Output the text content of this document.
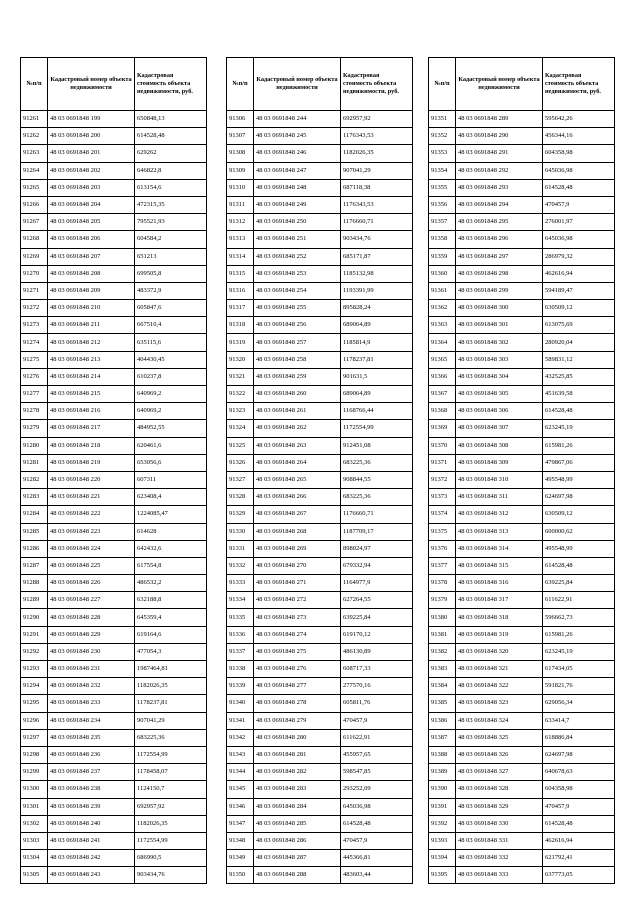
№п/п	Кадастровый номер объекта недвижимости	Кадастровая стоимость объекта недвижимости, руб.
91261	48 03 0691848 199	650848,13
91262	48 03 0691848 200	614528,48
91263	48 03 0691848 201	629262
91264	48 03 0691848 202	646822,8
91265	48 03 0691848 203	613154,6
91266	48 03 0691848 204	472315,35
91267	48 03 0691848 205	795521,93
91268	48 03 0691848 206	604584,2
91269	48 03 0691848 207	651213
91270	48 03 0691848 208	699505,8
91271	48 03 0691848 209	483372,9
91272	48 03 0691848 210	605847,6
91273	48 03 0691848 211	667510,4
91274	48 03 0691848 212	635115,6
91275	48 03 0691848 213	404430,45
91276	48 03 0691848 214	610237,8
91277	48 03 0691848 215	640969,2
91278	48 03 0691848 216	640969,2
91279	48 03 0691848 217	484952,55
91280	48 03 0691848 218	620461,6
91281	48 03 0691848 219	653056,6
91282	48 03 0691848 220	607311
91283	48 03 0691848 221	623408,4
91284	48 03 0691848 222	1224085,47
91285	48 03 0691848 223	614628
91286	48 03 0691848 224	642432,6
91287	48 03 0691848 225	617554,8
91288	48 03 0691848 226	486532,2
91289	48 03 0691848 227	632188,8
91290	48 03 0691848 228	645359,4
91291	48 03 0691848 229	619164,6
91292	48 03 0691848 230	477054,3
91293	48 03 0691848 231	1987464,81
91294	48 03 0691848 232	1182026,35
91295	48 03 0691848 233	1178237,81
91296	48 03 0691848 234	907041,29
91297	48 03 0691848 235	683225,36
91298	48 03 0691848 236	1172554,99
91299	48 03 0691848 237	1178458,07
91300	48 03 0691848 238	1124150,7
91301	48 03 0691848 239	692957,92
91302	48 03 0691848 240	1182026,35
91303	48 03 0691848 241	1172554,99
91304	48 03 0691848 242	686990,5
91305	48 03 0691848 243	903434,76
№п/п	Кадастровый номер объекта недвижимости	Кадастровая стоимость объекта недвижимости, руб.
91306	48 03 0691848 244	692957,92
91307	48 03 0691848 245	1176343,53
91308	48 03 0691848 246	1182026,35
91309	48 03 0691848 247	907041,29
91310	48 03 0691848 248	687118,38
91311	48 03 0691848 249	1176343,53
91312	48 03 0691848 250	1176660,71
91313	48 03 0691848 251	903434,76
91314	48 03 0691848 252	685171,87
91315	48 03 0691848 253	1185132,98
91316	48 03 0691848 254	1193391,99
91317	48 03 0691848 255	895828,24
91318	48 03 0691848 256	689064,89
91319	48 03 0691848 257	1185814,9
91320	48 03 0691848 258	1178237,81
91321	48 03 0691848 259	901631,5
91322	48 03 0691848 260	689064,89
91323	48 03 0691848 261	1168766,44
91324	48 03 0691848 262	1172554,99
91325	48 03 0691848 263	912451,08
91326	48 03 0691848 264	683225,36
91327	48 03 0691848 265	908844,55
91328	48 03 0691848 266	683225,36
91329	48 03 0691848 267	1176660,71
91330	48 03 0691848 268	1187709,17
91331	48 03 0691848 269	898024,97
91332	48 03 0691848 270	679332,94
91333	48 03 0691848 271	1164977,9
91334	48 03 0691848 272	627264,55
91335	48 03 0691848 273	639225,84
91336	48 03 0691848 274	619170,12
91337	48 03 0691848 275	486130,89
91338	48 03 0691848 276	608717,33
91339	48 03 0691848 277	277570,16
91340	48 03 0691848 278	605811,76
91341	48 03 0691848 279	470457,9
91342	48 03 0691848 280	611622,91
91343	48 03 0691848 281	455957,65
91344	48 03 0691848 282	598547,85
91345	48 03 0691848 283	293252,09
91346	48 03 0691848 284	645036,98
91347	48 03 0691848 285	614528,48
91348	48 03 0691848 286	470457,9
91349	48 03 0691848 287	445366,81
91350	48 03 0691848 288	483603,44
№п/п	Кадастровый номер объекта недвижимости	Кадастровая стоимость объекта недвижимости, руб.
91351	48 03 0691848 289	595642,26
91352	48 03 0691848 290	456344,16
91353	48 03 0691848 291	604358,98
91354	48 03 0691848 292	645036,98
91355	48 03 0691848 293	614528,48
91356	48 03 0691848 294	470457,9
91357	48 03 0691848 295	276001,97
91358	48 03 0691848 296	645036,98
91359	48 03 0691848 297	286979,32
91360	48 03 0691848 298	462616,94
91361	48 03 0691848 299	594189,47
91362	48 03 0691848 300	630509,12
91363	48 03 0691848 301	613075,69
91364	48 03 0691848 302	280920,04
91365	48 03 0691848 303	589831,12
91366	48 03 0691848 304	432525,85
91367	48 03 0691848 305	451639,58
91368	48 03 0691848 306	614528,48
91369	48 03 0691848 307	623245,19
91370	48 03 0691848 308	615981,26
91371	48 03 0691848 309	479867,06
91372	48 03 0691848 310	495548,99
91373	48 03 0691848 311	624697,98
91374	48 03 0691848 312	630509,12
91375	48 03 0691848 313	600000,62
91376	48 03 0691848 314	495548,99
91377	48 03 0691848 315	614528,48
91378	48 03 0691848 316	639225,84
91379	48 03 0691848 317	611622,91
91380	48 03 0691848 318	596662,73
91381	48 03 0691848 319	615981,26
91382	48 03 0691848 320	623245,19
91383	48 03 0691848 321	617434,05
91384	48 03 0691848 322	591821,76
91385	48 03 0691848 323	629056,34
91386	48 03 0691848 324	633414,7
91387	48 03 0691848 325	618886,84
91388	48 03 0691848 326	624697,98
91389	48 03 0691848 327	640678,63
91390	48 03 0691848 328	604358,98
91391	48 03 0691848 329	470457,9
91392	48 03 0691848 330	614528,48
91393	48 03 0691848 331	462616,94
91394	48 03 0691848 332	621792,41
91395	48 03 0691848 333	637773,05
